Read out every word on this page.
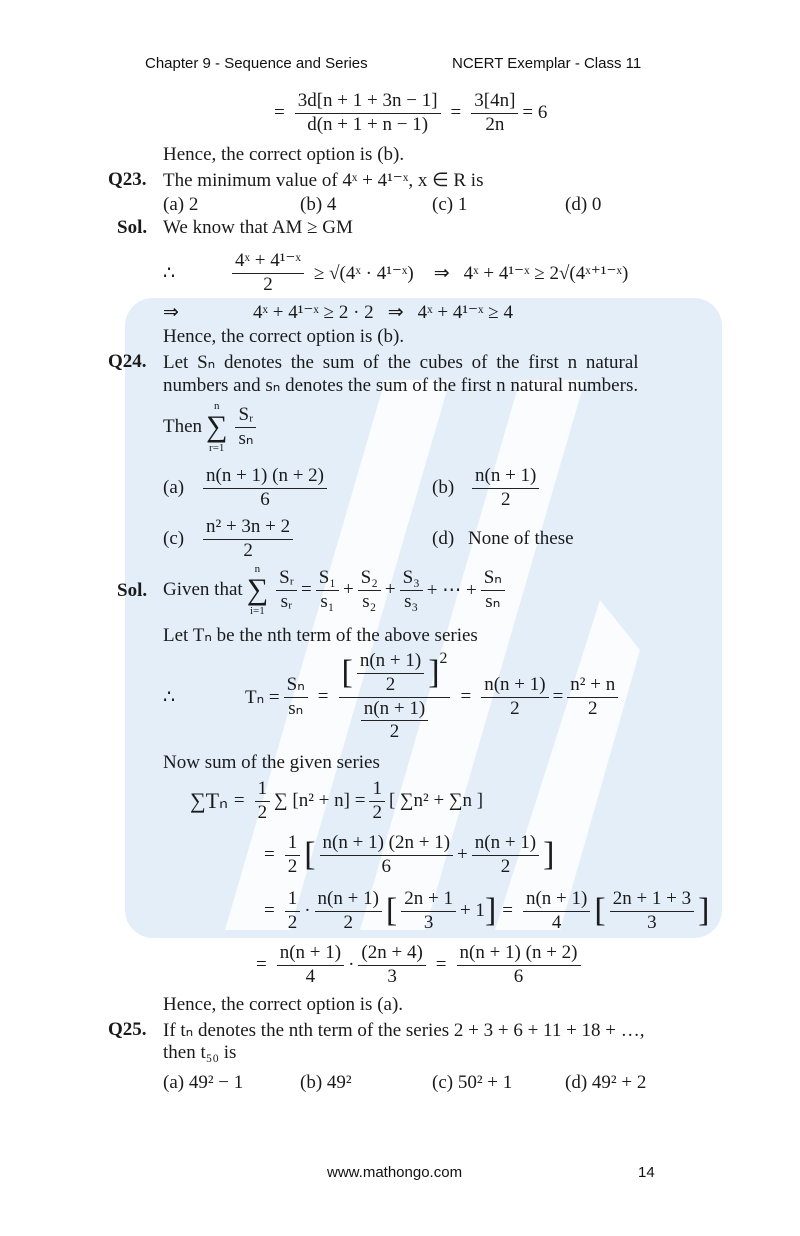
Chapter 9 - Sequence and Series	NCERT Exemplar - Class 11
= $\frac{3d[n + 1 + 3n - 1]}{d(n + 1 + n - 1)} = \frac{3[4n]}{2n} = 6$
Hence, the correct option is (b).
Q23. The minimum value of 4ˣ + 4¹⁻ˣ, x ∈ R is
(a) 2	(b) 4	(c) 1	(d) 0
Sol. We know that AM ≥ GM
∴	$\frac{\text{4ˣ + 4¹⁻ˣ}}{2}$ ≥ √(4ˣ · 4¹⁻ˣ) ⇒ 4ˣ + 4¹⁻ˣ ≥ 2√(4ˣ⁺¹⁻ˣ)
⇒	4ˣ + 4¹⁻ˣ ≥ 2 · 2 ⇒ 4ˣ + 4¹⁻ˣ ≥ 4
Hence, the correct option is (b).
Q24. Let Sₙ denotes the sum of the cubes of the first n natural
numbers and sₙ denotes the sum of the first n natural numbers.
Then
n
∑
$r=1 \frac{\text{Sᵣ}}{\text{sₙ}}$
$(a) \frac{n(n + 1) (n + 2)}{6}$	$(b) \frac{n(n + 1)}{2}$
$(c) \frac{\text{n² + 3n + 2}}{2}$	(d) None of these
Sol. Given that
n
∑
$i=1 \frac{\text{Sᵣ}}{\text{sᵣ}} = \frac{\text{S₁}}{\text{s₁}} + \frac{\text{S₂}}{\text{s₂}} + \frac{\text{S₃}}{\text{s₃}}$ + ⋯ + $\frac{\text{Sₙ}}{\text{sₙ}}$
Let Tₙ be the nth term of the above series
∴	$T_n = \frac{\text{Sₙ}}{\text{sₙ}} = \frac{[ \frac{n(n + 1)}{2} ]^2}{\frac{n(n + 1)}{2}} = \frac{n(n + 1)}{2} = \frac{\text{n² + n}}{2}$
Now sum of the given series
$\sum T_n = \frac{1}{2}$ ∑ $[n^2 + n] = \frac{1}{2}$ [ ∑n² + ∑n ]
= $\frac{1}{2}$ [ $\frac{n(n + 1) (2n + 1)}{6} + \frac{n(n + 1)}{2}$ ]
= $\frac{1}{2} \cdot \frac{n(n + 1)}{2}$ [ $\frac{2n + 1}{3} + 1$ ] = $\frac{n(n + 1)}{4}$ [ $\frac{2n + 1 + 3}{3}$ ]
= $\frac{n(n + 1)}{4} \cdot \frac{(2n + 4)}{3} = \frac{n(n + 1) (n + 2)}{6}$
Hence, the correct option is (a).
Q25. If tₙ denotes the nth term of the series 2 + 3 + 6 + 11 + 18 + …,
then t₅₀ is
(a) 49² − 1	(b) 49²	(c) 50² + 1	(d) 49² + 2
www.mathongo.com	14
